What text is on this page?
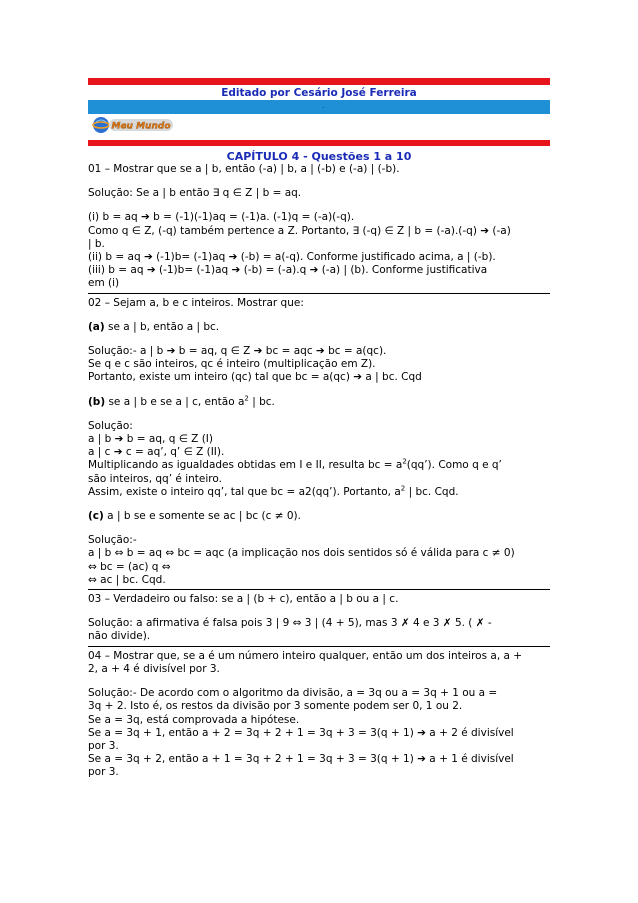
Editado por Cesário José Ferreira
.
Meu Mundo
CAPÍTULO 4 - Questões 1 a 10

01 – Mostrar que se a | b, então (-a) | b, a | (-b) e (-a) | (-b).

Solução: Se a | b então ∃ q ∈ Z | b = aq.

(i) b = aq ➔ b = (-1)(-1)aq = (-1)a. (-1)q = (-a)(-q).

Como q ∈ Z, (-q) também pertence a Z. Portanto, ∃ (-q) ∈ Z | b = (-a).(-q) ➔ (-a)

| b.

(ii) b = aq ➔ (-1)b= (-1)aq ➔ (-b) = a(-q). Conforme justificado acima, a | (-b).

(iii) b = aq ➔ (-1)b= (-1)aq ➔ (-b) = (-a).q ➔ (-a) | (b). Conforme justificativa

em (i)

02 – Sejam a, b e c inteiros. Mostrar que:

(a) se a | b, então a | bc.

Solução:- a | b ➔ b = aq, q ∈ Z ➔ bc = aqc ➔ bc = a(qc).

Se q e c são inteiros, qc é inteiro (multiplicação em Z).

Portanto, existe um inteiro (qc) tal que bc = a(qc) ➔ a | bc. Cqd

(b) se a | b e se a | c, então $a^2$ | bc.

Solução:

a | b ➔ b = aq, q ∈ Z (I)

a | c ➔ c = aq’, q’ ∈ Z (II).

Multiplicando as igualdades obtidas em I e II, resulta bc = $a^2(qq’)$. Como q e q’

são inteiros, qq’ é inteiro.

Assim, existe o inteiro qq’, tal que bc = a2(qq’). Portanto, $a^2$ | bc. Cqd.

(c) a | b se e somente se ac | bc (c ≠ 0).

Solução:-

a | b ⇔ b = aq ⇔ bc = aqc (a implicação nos dois sentidos só é válida para c ≠ 0)

⇔ bc = (ac) q ⇔

⇔ ac | bc. Cqd.

03 – Verdadeiro ou falso: se a | (b + c), então a | b ou a | c.

Solução: a afirmativa é falsa pois 3 | 9 ⇔ 3 | (4 + 5), mas 3 ✗ 4 e 3 ✗ 5. ( ✗ -

não divide).

04 – Mostrar que, se a é um número inteiro qualquer, então um dos inteiros a, a +

2, a + 4 é divisível por 3.

Solução:- De acordo com o algoritmo da divisão, a = 3q ou a = 3q + 1 ou a =

3q + 2. Isto é, os restos da divisão por 3 somente podem ser 0, 1 ou 2.

Se a = 3q, está comprovada a hipótese.

Se a = 3q + 1, então a + 2 = 3q + 2 + 1 = 3q + 3 = 3(q + 1) ➔ a + 2 é divisível

por 3.

Se a = 3q + 2, então a + 1 = 3q + 2 + 1 = 3q + 3 = 3(q + 1) ➔ a + 1 é divisível

por 3.
